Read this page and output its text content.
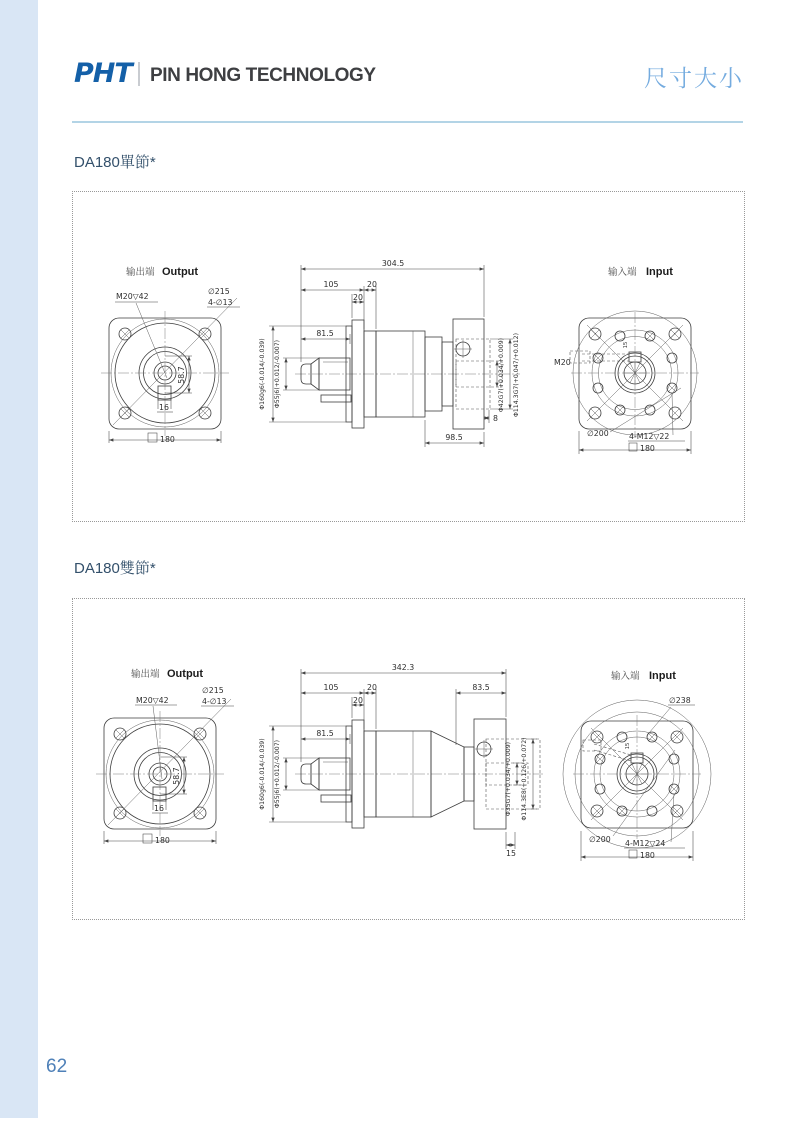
PHT PIN HONG TECHNOLOGY	尺寸大小
DA180單節*
输出端 Output
M20▽42
∅215
4-∅13
58.7
16
180
304.5
105	20
20
81.5
98.5
8
Φ160g6(-0.014/-0.039) Φ55j6(+0.012/-0.007)	Φ42G7(+0.034/+0.009) Φ114.3G7(+0.047/+0.012)
输入端 Input
M20
15
∅200	4-M12▽22
180
DA180雙節*
输出端 Output
M20▽42
∅215
4-∅13
58.7
16
180
342.3
105	20
20
83.5
81.5
15
Φ160g6(-0.014/-0.039) Φ55j6(+0.012/-0.007)	Φ35G7(+0.034/+0.009) Φ114.3E8(+0.126/+0.072)
输入端 Input
∅238
15
∅200 4-M12▽24
180
62
